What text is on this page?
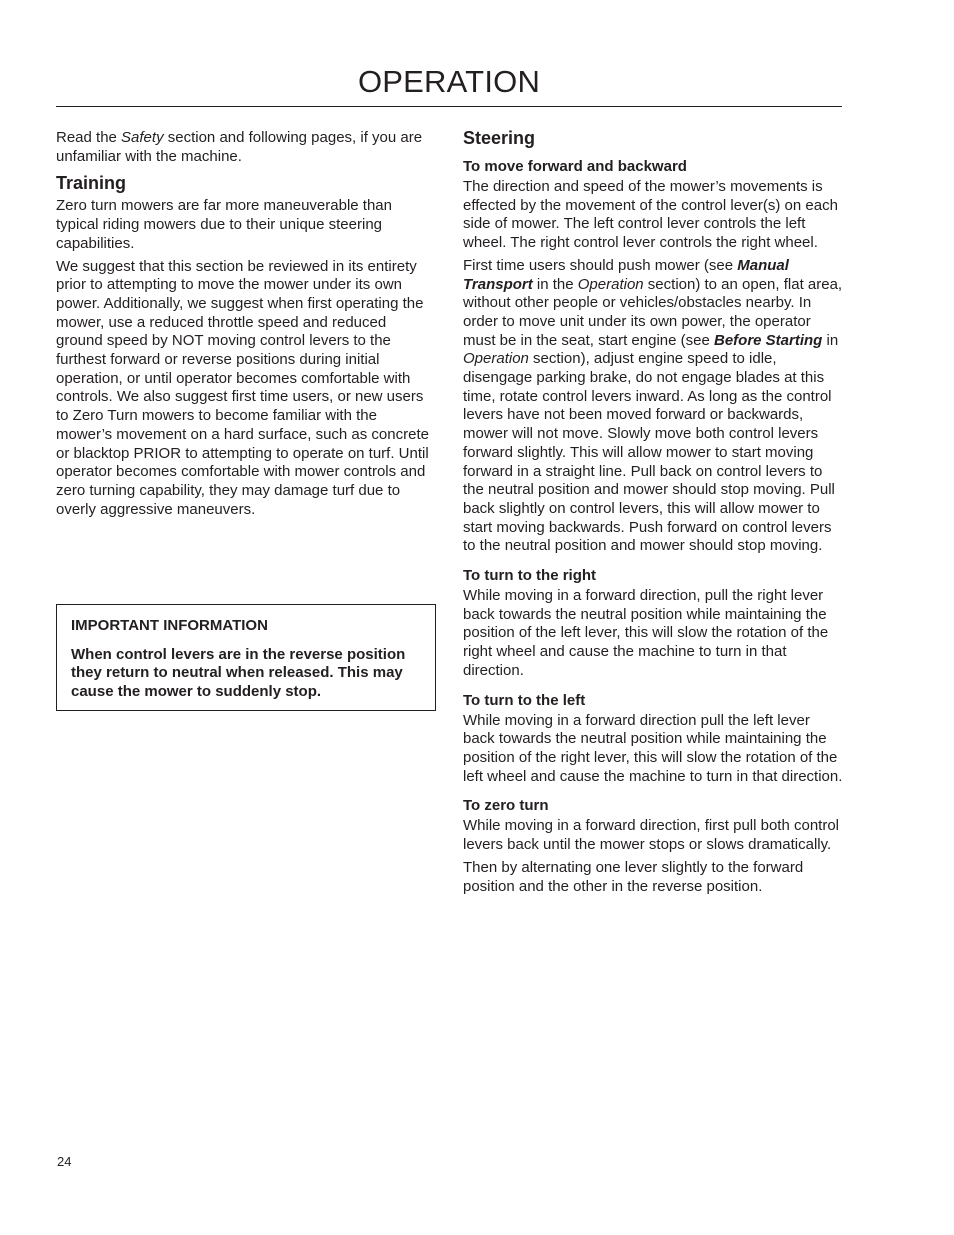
OPERATION

Read the Safety section and following pages, if you are unfamiliar with the machine.

Training

Zero turn mowers are far more maneuverable than typical riding mowers due to their unique steering capabilities.

We suggest that this section be reviewed in its entirety prior to attempting to move the mower under its own power. Additionally, we suggest when first operating the mower, use a reduced throttle speed and reduced ground speed by NOT moving control levers to the furthest forward or reverse positions during initial operation, or until operator becomes comfortable with controls. We also suggest first time users, or new users to Zero Turn mowers to become familiar with the mower’s movement on a hard surface, such as concrete or blacktop PRIOR to attempting to operate on turf. Until operator becomes comfortable with mower controls and zero turning capability, they may damage turf due to overly aggressive maneuvers.

IMPORTANT INFORMATION

When control levers are in the reverse position they return to neutral when released. This may cause the mower to suddenly stop.

Steering
To move forward and backward

The direction and speed of the mower’s movements is effected by the movement of the control lever(s) on each side of mower. The left control lever controls the left wheel. The right control lever controls the right wheel.

First time users should push mower (see Manual Transport in the Operation section) to an open, flat area, without other people or vehicles/obstacles nearby. In order to move unit under its own power, the operator must be in the seat, start engine (see Before Starting in Operation section), adjust engine speed to idle, disengage parking brake, do not engage blades at this time, rotate control levers inward. As long as the control levers have not been moved forward or backwards, mower will not move. Slowly move both control levers forward slightly. This will allow mower to start moving forward in a straight line. Pull back on control levers to the neutral position and mower should stop moving. Pull back slightly on control levers, this will allow mower to start moving backwards. Push forward on control levers to the neutral position and mower should stop moving.

To turn to the right

While moving in a forward direction, pull the right lever back towards the neutral position while maintaining the position of the left lever, this will slow the rotation of the right wheel and cause the machine to turn in that direction.

To turn to the left

While moving in a forward direction pull the left lever back towards the neutral position while maintaining the position of the right lever, this will slow the rotation of the left wheel and cause the machine to turn in that direction.

To zero turn

While moving in a forward direction, first pull both control levers back until the mower stops or slows dramatically.

Then by alternating one lever slightly to the forward position and the other in the reverse position.

24
